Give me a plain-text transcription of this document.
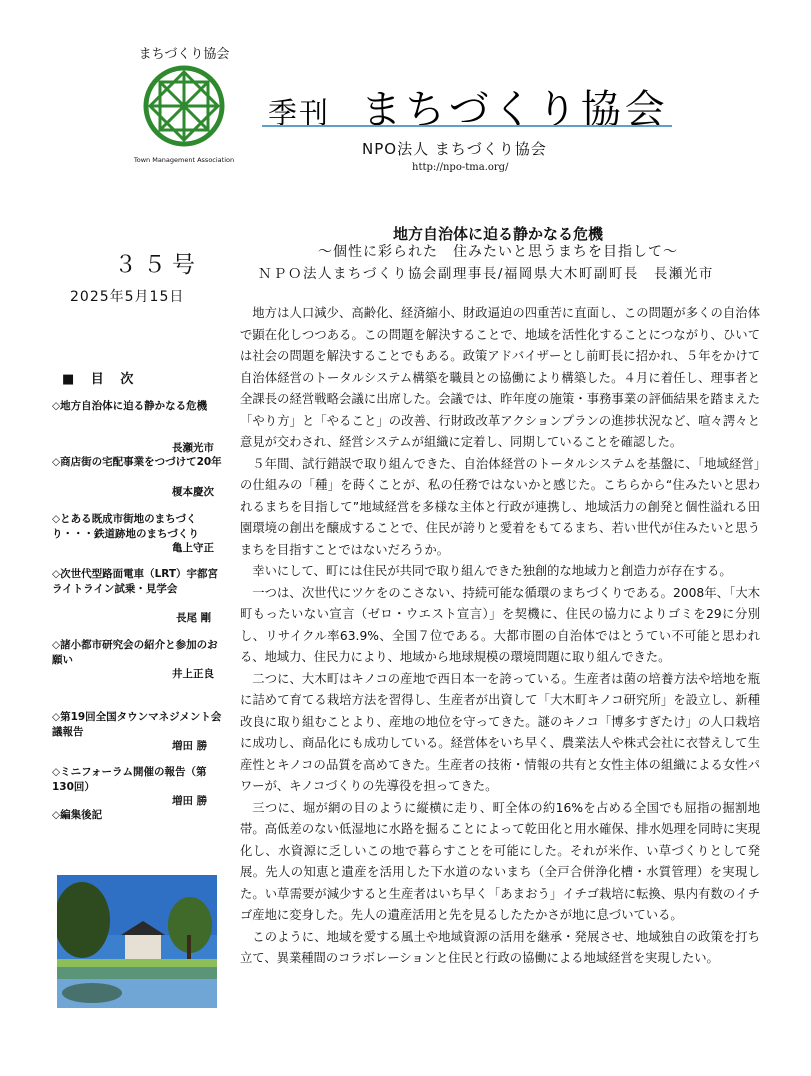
まちづくり協会
Town Management Association
季刊 まちづくり協会
NPO法人 まちづくり協会
http://npo-tma.org/
３５号
2025年5月15日
地方自治体に迫る静かなる危機
～個性に彩られた　住みたいと思うまちを目指して～
ＮＰＯ法人まちづくり協会副理事長/福岡県大木町副町長　長瀬光市
■ 目 次
◇地方自治体に迫る静かなる危機
長瀬光市
◇商店街の宅配事業をつづけて20年
榎本慶次
◇とある既成市街地のまちづくり・・・鉄道跡地のまちづくり
亀上守正
◇次世代型路面電車（LRT）宇都宮ライトライン試乗・見学会
長尾 剛
◇諸小都市研究会の紹介と参加のお願い
井上正良
◇第19回全国タウンマネジメント会議報告
増田 勝
◇ミニフォーラム開催の報告（第130回）
増田 勝
◇編集後記

地方は人口減少、高齢化、経済縮小、財政逼迫の四重苦に直面し、この問題が多くの自治体で顕在化しつつある。この問題を解決することで、地域を活性化することにつながり、ひいては社会の問題を解決することでもある。政策アドバイザーとし前町長に招かれ、５年をかけて自治体経営のトータルシステム構築を職員との協働により構築した。４月に着任し、理事者と全課長の経営戦略会議に出席した。会議では、昨年度の施策・事務事業の評価結果を踏まえた「やり方」と「やること」の改善、行財政改革アクションプランの進捗状況など、喧々諤々と意見が交わされ、経営システムが組織に定着し、同期していることを確認した。

５年間、試行錯誤で取り組んできた、自治体経営のトータルシステムを基盤に、「地域経営」の仕組みの「種」を蒔くことが、私の任務ではないかと感じた。こちらから“住みたいと思われるまちを目指して”地域経営を多様な主体と行政が連携し、地域活力の創発と個性溢れる田園環境の創出を醸成することで、住民が誇りと愛着をもてるまち、若い世代が住みたいと思うまちを目指すことではないだろうか。

幸いにして、町には住民が共同で取り組んできた独創的な地域力と創造力が存在する。

一つは、次世代にツケをのこさない、持続可能な循環のまちづくりである。2008年、「大木町もったいない宣言（ゼロ・ウエスト宣言）」を契機に、住民の協力によりゴミを29に分別し、リサイクル率63.9%、全国７位である。大都市圏の自治体ではとうてい不可能と思われる、地域力、住民力により、地域から地球規模の環境問題に取り組んできた。

二つに、大木町はキノコの産地で西日本一を誇っている。生産者は菌の培養方法や培地を瓶に詰めて育てる栽培方法を習得し、生産者が出資して「大木町キノコ研究所」を設立し、新種改良に取り組むことより、産地の地位を守ってきた。謎のキノコ「博多すぎたけ」の人口栽培に成功し、商品化にも成功している。経営体をいち早く、農業法人や株式会社に衣替えして生産性とキノコの品質を高めてきた。生産者の技術・情報の共有と女性主体の組織による女性パワーが、キノコづくりの先導役を担ってきた。

三つに、堀が網の目のように縦横に走り、町全体の約16%を占める全国でも屈指の掘割地帯。高低差のない低湿地に水路を掘ることによって乾田化と用水確保、排水処理を同時に実現化し、水資源に乏しいこの地で暮らすことを可能にした。それが米作、い草づくりとして発展。先人の知恵と遺産を活用した下水道のないまち（全戸合併浄化槽・水質管理）を実現した。い草需要が減少すると生産者はいち早く「あまおう」イチゴ栽培に転換、県内有数のイチゴ産地に変身した。先人の遺産活用と先を見るしたたかさが地に息づいている。

このように、地域を愛する風土や地域資源の活用を継承・発展させ、地域独自の政策を打ち立て、異業種間のコラボレーションと住民と行政の協働による地域経営を実現したい。
